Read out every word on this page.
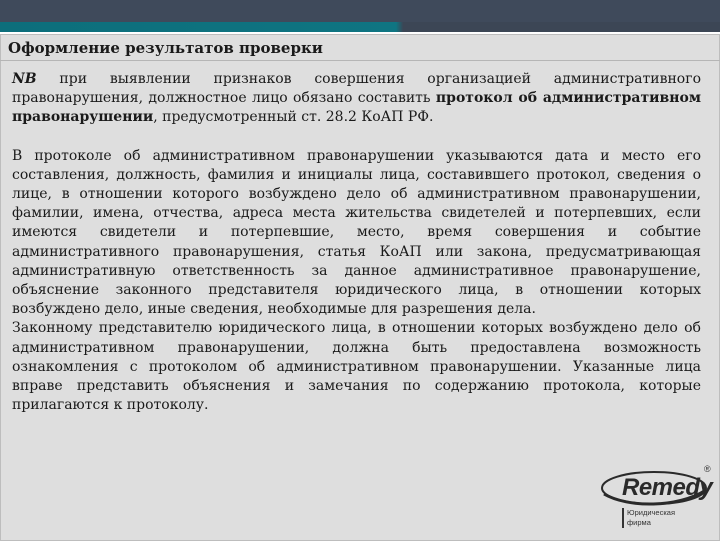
Оформление результатов проверки

NB при выявлении признаков совершения организацией административного правонарушения, должностное лицо обязано составить протокол об административном правонарушении, предусмотренный ст. 28.2 КоАП РФ.

В протоколе об административном правонарушении указываются дата и место его составления, должность, фамилия и инициалы лица, составившего протокол, сведения о лице, в отношении которого возбуждено дело об административном правонарушении, фамилии, имена, отчества, адреса места жительства свидетелей и потерпевших, если имеются свидетели и потерпевшие, место, время совершения и событие административного правонарушения, статья КоАП или закона, предусматривающая административную ответственность за данное административное правонарушение, объяснение законного представителя юридического лица, в отношении которых возбуждено дело, иные сведения, необходимые для разрешения дела.

Законному представителю юридического лица, в отношении которых возбуждено дело об административном правонарушении, должна быть предоставлена возможность ознакомления с протоколом об административном правонарушении. Указанные лица вправе представить объяснения и замечания по содержанию протокола, которые прилагаются к протоколу.

Remedy
®
Юридическая фирма
